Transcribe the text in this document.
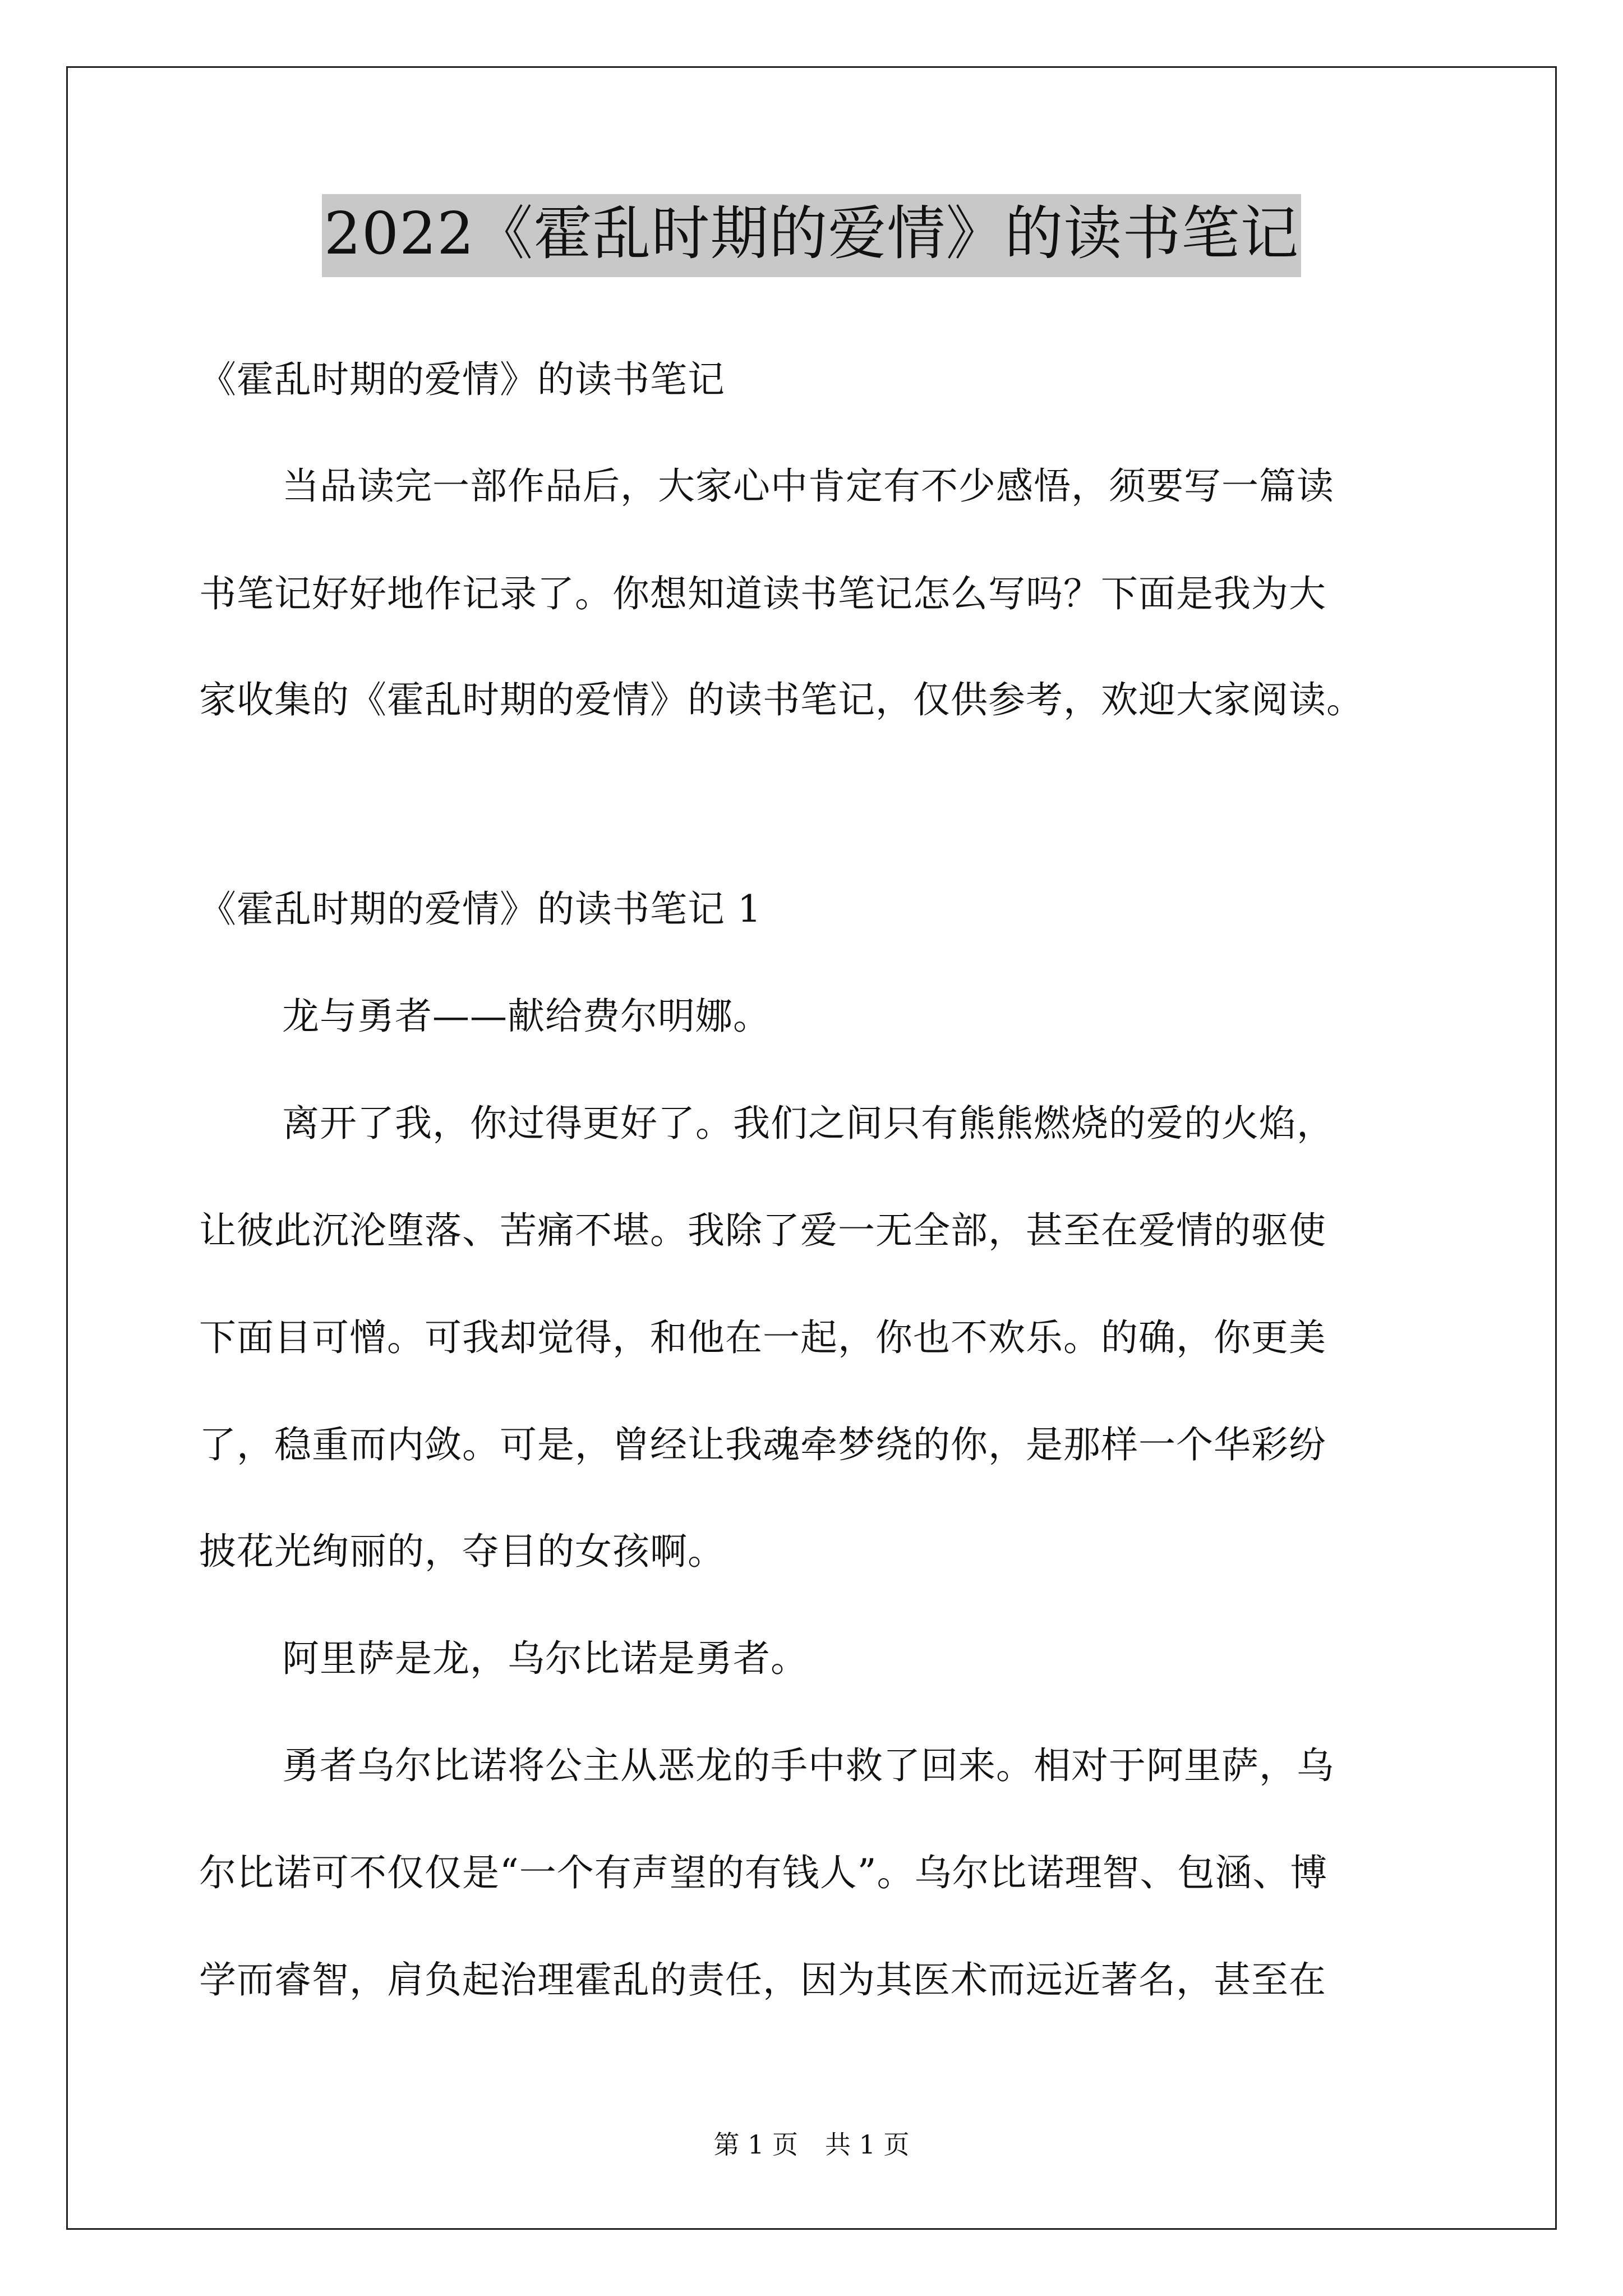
2022《霍乱时期的爱情》的读书笔记
《霍乱时期的爱情》的读书笔记
当品读完一部作品后，大家心中肯定有不少感悟，须要写一篇读
书笔记好好地作记录了。你想知道读书笔记怎么写吗？下面是我为大
家收集的《霍乱时期的爱情》的读书笔记，仅供参考，欢迎大家阅读。
《霍乱时期的爱情》的读书笔记 1
龙与勇者——献给费尔明娜。
离开了我，你过得更好了。我们之间只有熊熊燃烧的爱的火焰，
让彼此沉沦堕落、苦痛不堪。我除了爱一无全部，甚至在爱情的驱使
下面目可憎。可我却觉得，和他在一起，你也不欢乐。的确，你更美
了，稳重而内敛。可是，曾经让我魂牵梦绕的你，是那样一个华彩纷
披花光绚丽的，夺目的女孩啊。
阿里萨是龙，乌尔比诺是勇者。
勇者乌尔比诺将公主从恶龙的手中救了回来。相对于阿里萨，乌
尔比诺可不仅仅是“一个有声望的有钱人”。乌尔比诺理智、包涵、博
学而睿智，肩负起治理霍乱的责任，因为其医术而远近著名，甚至在
第 1 页 共 1 页
